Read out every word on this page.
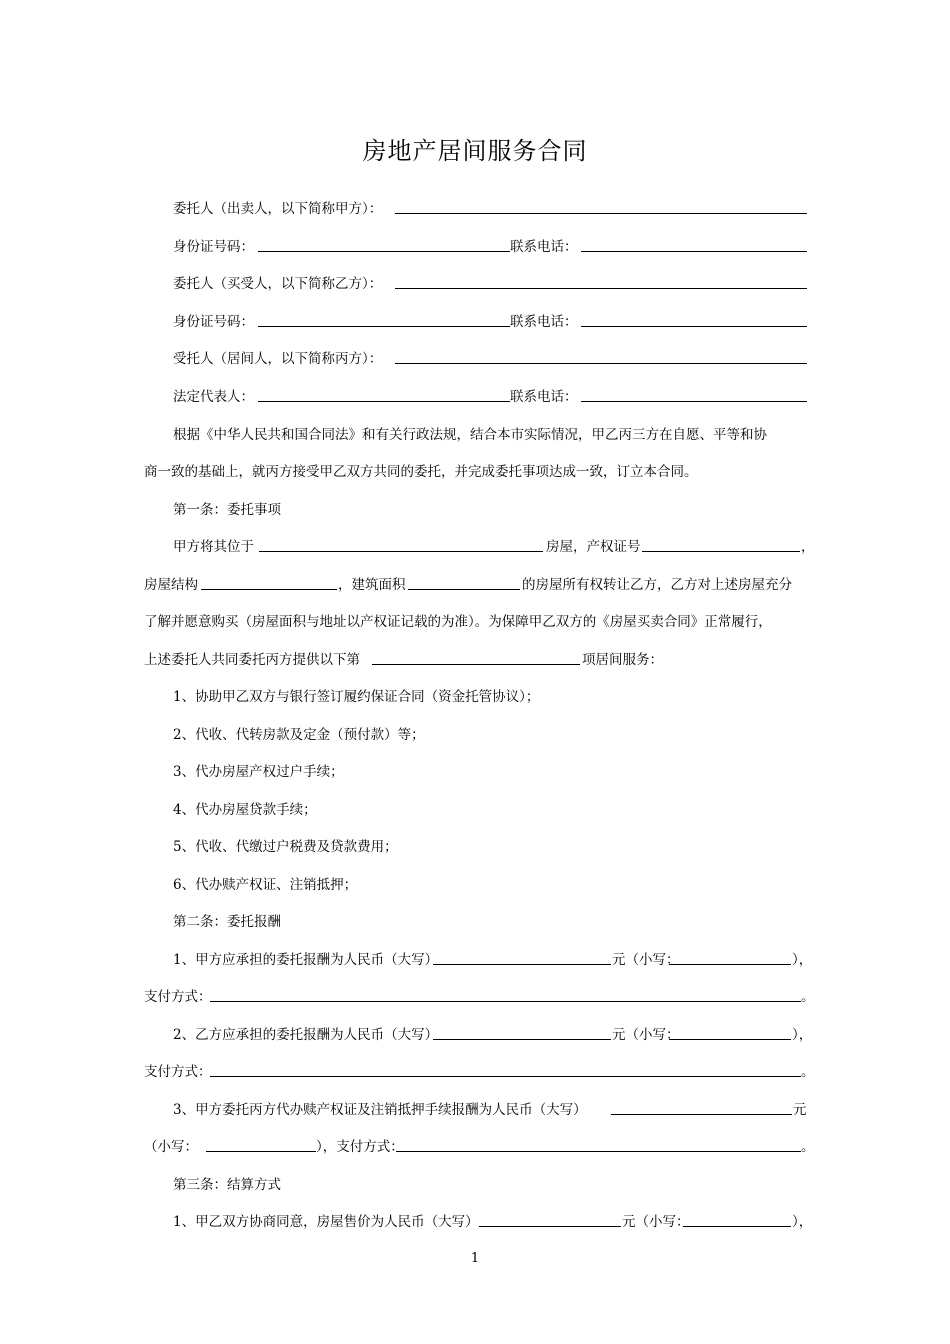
房地产居间服务合同
委托人（出卖人，以下简称甲方）：
身份证号码：	联系电话：
委托人（买受人，以下简称乙方）：
身份证号码：	联系电话：
受托人（居间人，以下简称丙方）：
法定代表人：	联系电话：
根据《中华人民共和国合同法》和有关行政法规，结合本市实际情况，甲乙丙三方在自愿、平等和协
商一致的基础上，就丙方接受甲乙双方共同的委托，并完成委托事项达成一致，订立本合同。
第一条：委托事项
甲方将其位于	房屋，产权证号	，
房屋结构	，建筑面积	的房屋所有权转让乙方，乙方对上述房屋充分
了解并愿意购买（房屋面积与地址以产权证记载的为准）。为保障甲乙双方的《房屋买卖合同》正常履行，
上述委托人共同委托丙方提供以下第	项居间服务：
1、协助甲乙双方与银行签订履约保证合同（资金托管协议）；
2、代收、代转房款及定金（预付款）等；
3、代办房屋产权过户手续；
4、代办房屋贷款手续；
5、代收、代缴过户税费及贷款费用；
6、代办赎产权证、注销抵押；
第二条：委托报酬
1、甲方应承担的委托报酬为人民币（大写）	元（小写：	），
支付方式：	。
2、乙方应承担的委托报酬为人民币（大写）	元（小写：	），
支付方式：	。
3、甲方委托丙方代办赎产权证及注销抵押手续报酬为人民币（大写）	元
（小写：	），支付方式：	。
第三条：结算方式
1、甲乙双方协商同意，房屋售价为人民币（大写）	元（小写：	），
1
